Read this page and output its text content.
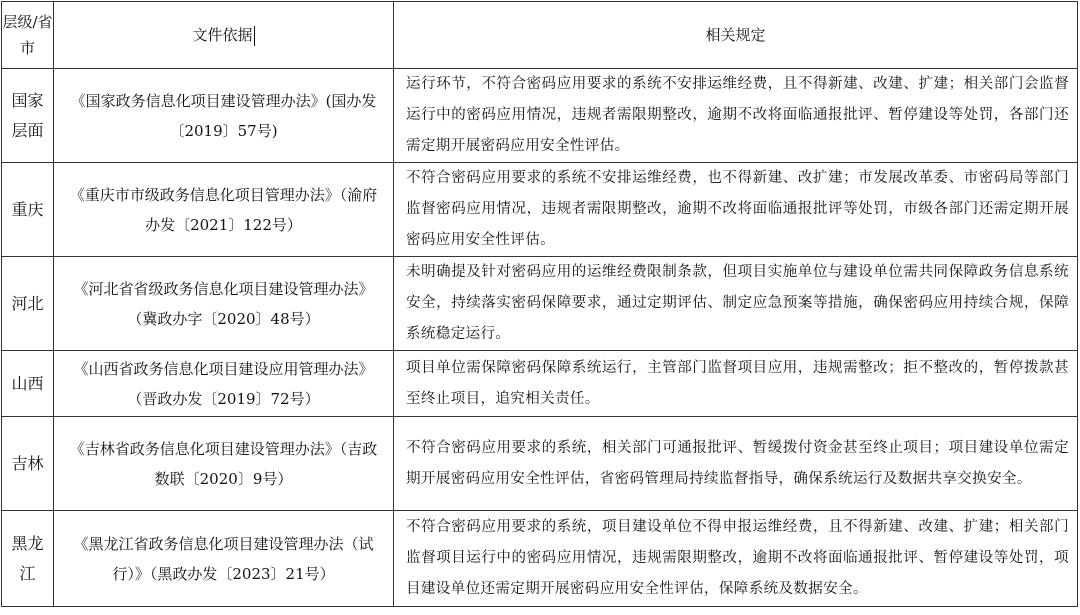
层级/省市	文件依据	相关规定
国家层面	《国家政务信息化项目建设管理办法》(国办发〔2019〕57号)	运行环节，不符合密码应用要求的系统不安排运维经费，且不得新建、改建、扩建；相关部门会监督运行中的密码应用情况，违规者需限期整改，逾期不改将面临通报批评、暂停建设等处罚，各部门还需定期开展密码应用安全性评估。
重庆	《重庆市市级政务信息化项目管理办法》（渝府办发〔2021〕122号）	不符合密码应用要求的系统不安排运维经费，也不得新建、改扩建；市发展改革委、市密码局等部门监督密码应用情况，违规者需限期整改，逾期不改将面临通报批评等处罚，市级各部门还需定期开展密码应用安全性评估。
河北	《河北省省级政务信息化项目建设管理办法》（冀政办字〔2020〕48号）	未明确提及针对密码应用的运维经费限制条款，但项目实施单位与建设单位需共同保障政务信息系统安全，持续落实密码保障要求，通过定期评估、制定应急预案等措施，确保密码应用持续合规，保障系统稳定运行。
山西	《山西省政务信息化项目建设应用管理办法》（晋政办发〔2019〕72号）	项目单位需保障密码保障系统运行，主管部门监督项目应用，违规需整改；拒不整改的，暂停拨款甚至终止项目，追究相关责任。
吉林	《吉林省政务信息化项目建设管理办法》（吉政数联〔2020〕9号）	不符合密码应用要求的系统，相关部门可通报批评、暂缓拨付资金甚至终止项目；项目建设单位需定期开展密码应用安全性评估，省密码管理局持续监督指导，确保系统运行及数据共享交换安全。
黑龙江	《黑龙江省政务信息化项目建设管理办法（试行）》（黑政办发〔2023〕21号）	不符合密码应用要求的系统，项目建设单位不得申报运维经费，且不得新建、改建、扩建；相关部门监督项目运行中的密码应用情况，违规需限期整改，逾期不改将面临通报批评、暂停建设等处罚，项目建设单位还需定期开展密码应用安全性评估，保障系统及数据安全。
